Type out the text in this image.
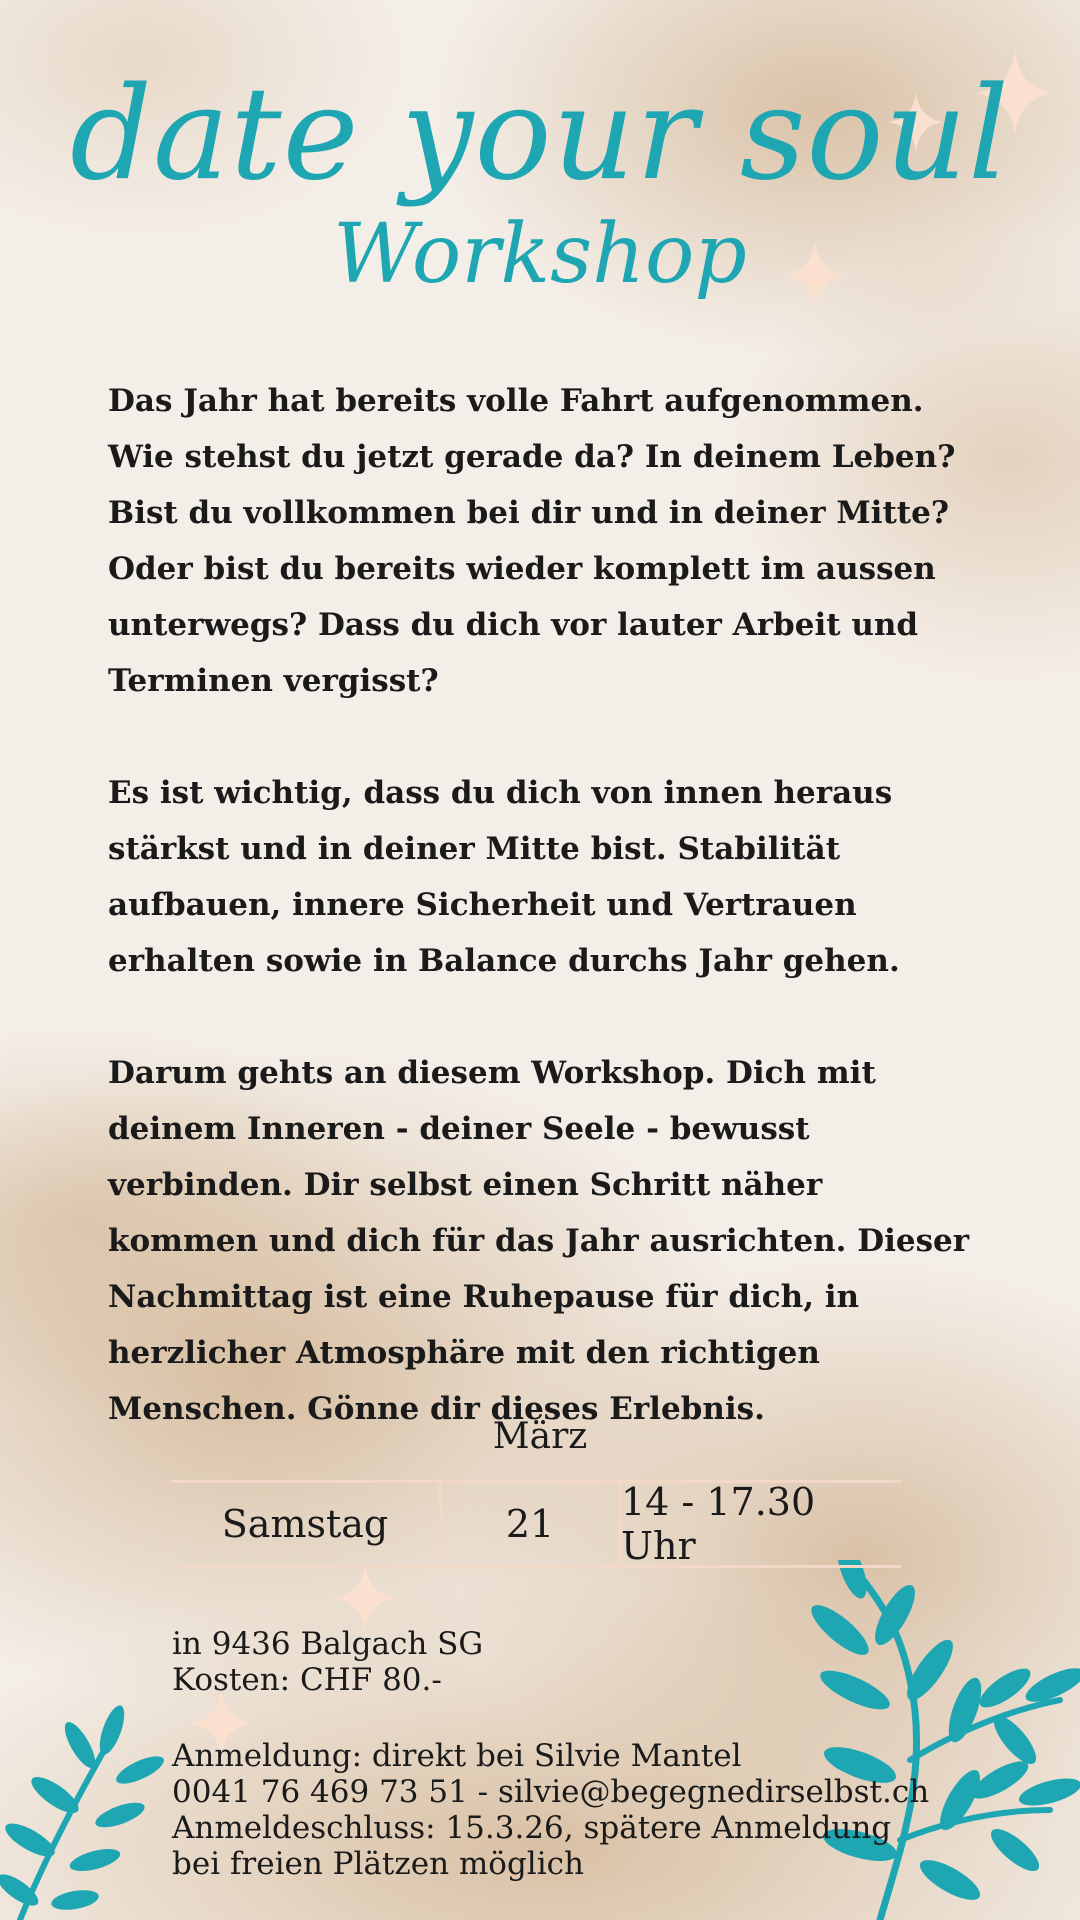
date your soul
Workshop

Das Jahr hat bereits volle Fahrt aufgenommen. Wie stehst du jetzt gerade da? In deinem Leben? Bist du vollkommen bei dir und in deiner Mitte? Oder bist du bereits wieder komplett im aussen unterwegs? Dass du dich vor lauter Arbeit und Terminen vergisst?

Es ist wichtig, dass du dich von innen heraus stärkst und in deiner Mitte bist. Stabilität aufbauen, innere Sicherheit und Vertrauen erhalten sowie in Balance durchs Jahr gehen.

Darum gehts an diesem Workshop. Dich mit deinem Inneren - deiner Seele - bewusst verbinden. Dir selbst einen Schritt näher kommen und dich für das Jahr ausrichten. Dieser Nachmittag ist eine Ruhepause für dich, in herzlicher Atmosphäre mit den richtigen Menschen. Gönne dir dieses Erlebnis.

März
Samstag	21	14 - 17.30 Uhr
in 9436 Balgach SG
Kosten: CHF 80.-
Anmeldung: direkt bei Silvie Mantel
0041 76 469 73 51 - silvie@begegnedirselbst.ch
Anmeldeschluss: 15.3.26, spätere Anmeldung
bei freien Plätzen möglich
